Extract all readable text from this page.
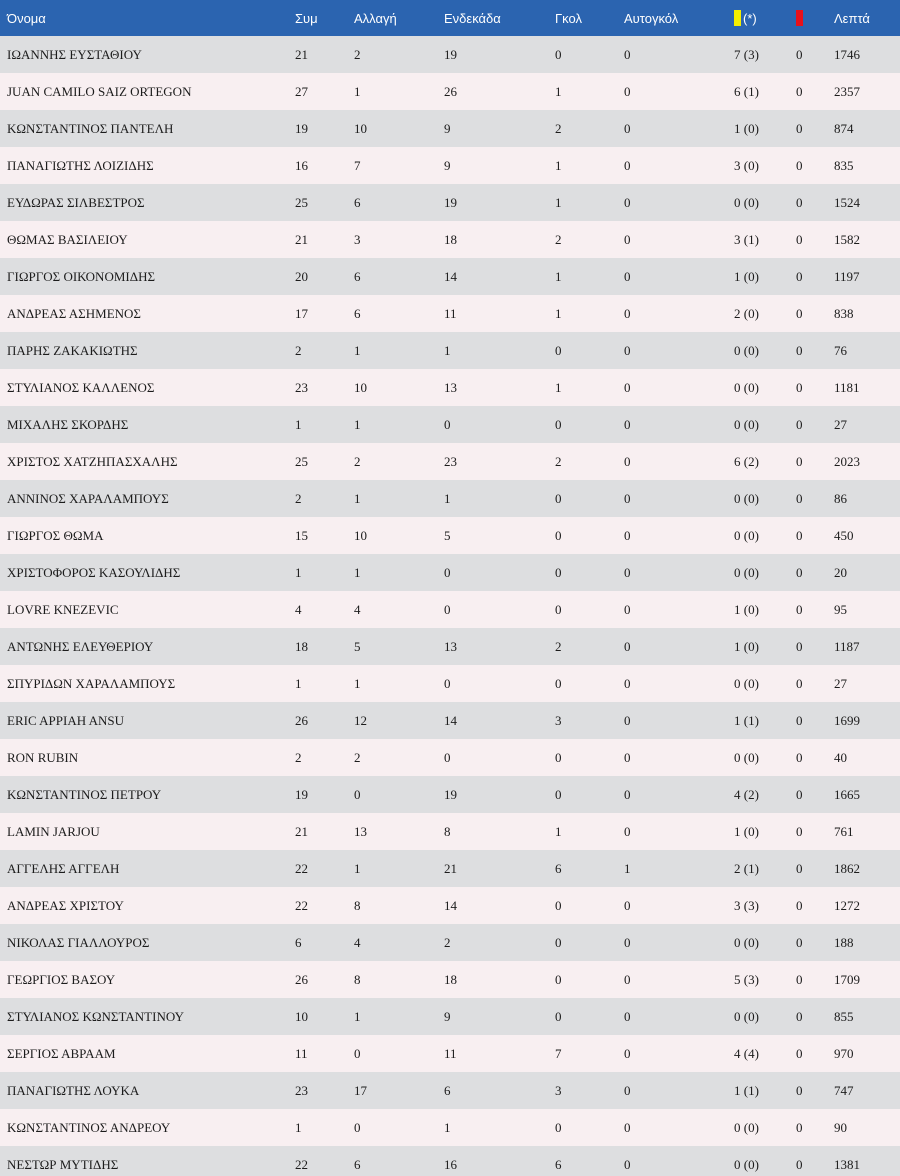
Όνομα	Συμ	Αλλαγή	Ενδεκάδα	Γκολ	Αυτογκόλ	(*)		Λεπτά
ΙΩΑΝΝΗΣ ΕΥΣΤΑΘΙΟΥ	21	2	19	0	0	7 (3)	0	1746
JUAN CAMILO SAIZ ORTEGON	27	1	26	1	0	6 (1)	0	2357
ΚΩΝΣΤΑΝΤΙΝΟΣ ΠΑΝΤΕΛΗ	19	10	9	2	0	1 (0)	0	874
ΠΑΝΑΓΙΩΤΗΣ ΛΟΙΖΙΔΗΣ	16	7	9	1	0	3 (0)	0	835
ΕΥΔΩΡΑΣ ΣΙΛΒΕΣΤΡΟΣ	25	6	19	1	0	0 (0)	0	1524
ΘΩΜΑΣ ΒΑΣΙΛΕΙΟΥ	21	3	18	2	0	3 (1)	0	1582
ΓΙΩΡΓΟΣ ΟΙΚΟΝΟΜΙΔΗΣ	20	6	14	1	0	1 (0)	0	1197
ΑΝΔΡΕΑΣ ΑΣΗΜΕΝΟΣ	17	6	11	1	0	2 (0)	0	838
ΠΑΡΗΣ ΖΑΚΑΚΙΩΤΗΣ	2	1	1	0	0	0 (0)	0	76
ΣΤΥΛΙΑΝΟΣ ΚΑΛΛΕΝΟΣ	23	10	13	1	0	0 (0)	0	1181
ΜΙΧΑΛΗΣ ΣΚΟΡΔΗΣ	1	1	0	0	0	0 (0)	0	27
ΧΡΙΣΤΟΣ ΧΑΤΖΗΠΑΣΧΑΛΗΣ	25	2	23	2	0	6 (2)	0	2023
ΑΝΝΙΝΟΣ ΧΑΡΑΛΑΜΠΟΥΣ	2	1	1	0	0	0 (0)	0	86
ΓΙΩΡΓΟΣ ΘΩΜΑ	15	10	5	0	0	0 (0)	0	450
ΧΡΙΣΤΟΦΟΡΟΣ ΚΑΣΟΥΛΙΔΗΣ	1	1	0	0	0	0 (0)	0	20
LOVRE KNEZEVIC	4	4	0	0	0	1 (0)	0	95
ΑΝΤΩΝΗΣ ΕΛΕΥΘΕΡΙΟΥ	18	5	13	2	0	1 (0)	0	1187
ΣΠΥΡΙΔΩΝ ΧΑΡΑΛΑΜΠΟΥΣ	1	1	0	0	0	0 (0)	0	27
ERIC APPIAH ANSU	26	12	14	3	0	1 (1)	0	1699
RON RUBIN	2	2	0	0	0	0 (0)	0	40
ΚΩΝΣΤΑΝΤΙΝΟΣ ΠΕΤΡΟΥ	19	0	19	0	0	4 (2)	0	1665
LAMIN JARJOU	21	13	8	1	0	1 (0)	0	761
ΑΓΓΕΛΗΣ ΑΓΓΕΛΗ	22	1	21	6	1	2 (1)	0	1862
ΑΝΔΡΕΑΣ ΧΡΙΣΤΟΥ	22	8	14	0	0	3 (3)	0	1272
ΝΙΚΟΛΑΣ ΓΙΑΛΛΟΥΡΟΣ	6	4	2	0	0	0 (0)	0	188
ΓΕΩΡΓΙΟΣ ΒΑΣΟΥ	26	8	18	0	0	5 (3)	0	1709
ΣΤΥΛΙΑΝΟΣ ΚΩΝΣΤΑΝΤΙΝΟΥ	10	1	9	0	0	0 (0)	0	855
ΣΕΡΓΙΟΣ ΑΒΡΑΑΜ	11	0	11	7	0	4 (4)	0	970
ΠΑΝΑΓΙΩΤΗΣ ΛΟΥΚΑ	23	17	6	3	0	1 (1)	0	747
ΚΩΝΣΤΑΝΤΙΝΟΣ ΑΝΔΡΕΟΥ	1	0	1	0	0	0 (0)	0	90
ΝΕΣΤΩΡ ΜΥΤΙΔΗΣ	22	6	16	6	0	0 (0)	0	1381
